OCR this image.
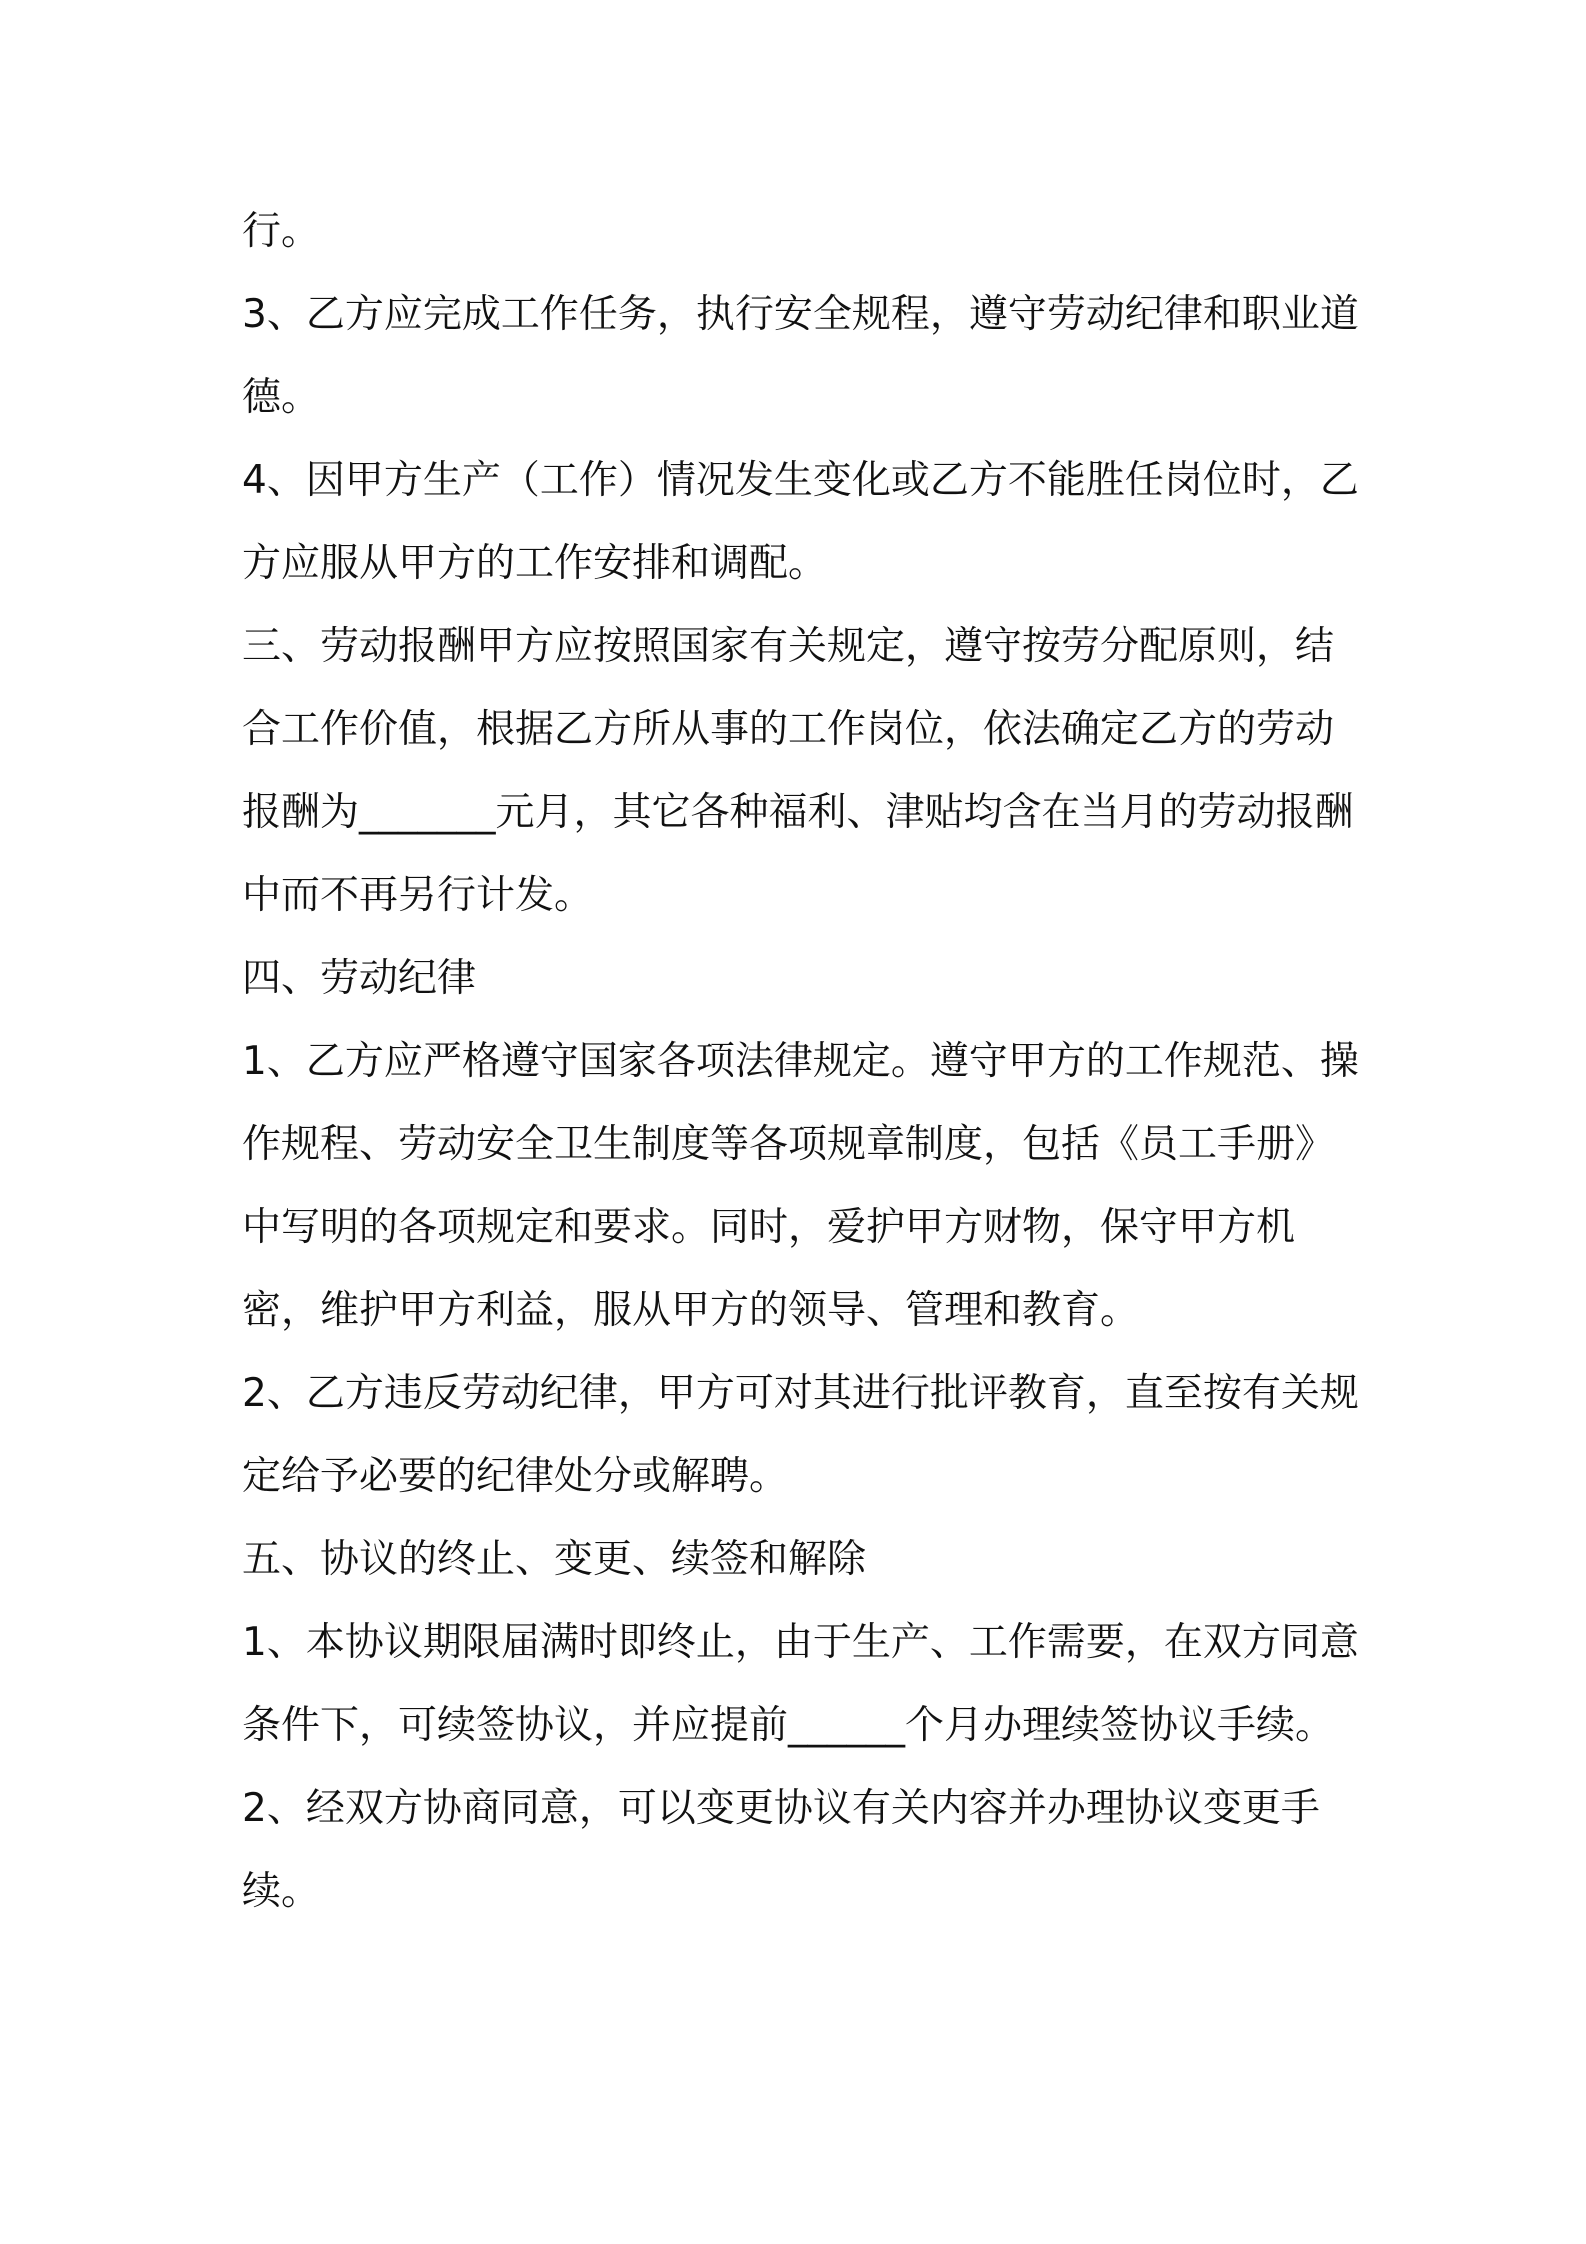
行。

3、乙方应完成工作任务，执行安全规程，遵守劳动纪律和职业道德。

4、因甲方生产（工作）情况发生变化或乙方不能胜任岗位时，乙方应服从甲方的工作安排和调配。

三、劳动报酬甲方应按照国家有关规定，遵守按劳分配原则，结合工作价值，根据乙方所从事的工作岗位，依法确定乙方的劳动报酬为_______元月，其它各种福利、津贴均含在当月的劳动报酬中而不再另行计发。

四、劳动纪律

1、乙方应严格遵守国家各项法律规定。遵守甲方的工作规范、操作规程、劳动安全卫生制度等各项规章制度，包括《员工手册》中写明的各项规定和要求。同时，爱护甲方财物，保守甲方机密，维护甲方利益，服从甲方的领导、管理和教育。

2、乙方违反劳动纪律，甲方可对其进行批评教育，直至按有关规定给予必要的纪律处分或解聘。

五、协议的终止、变更、续签和解除

1、本协议期限届满时即终止，由于生产、工作需要，在双方同意条件下，可续签协议，并应提前______个月办理续签协议手续。

2、经双方协商同意，可以变更协议有关内容并办理协议变更手续。
